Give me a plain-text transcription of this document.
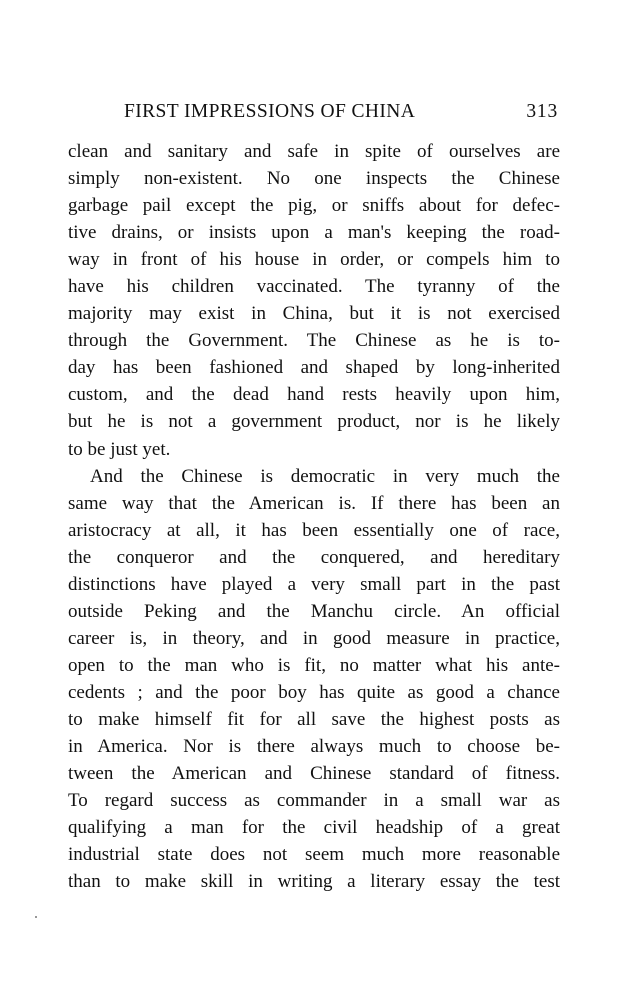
FIRST IMPRESSIONS OF CHINA	313
clean and sanitary and safe in spite of ourselves are
simply non-existent. No one inspects the Chinese
garbage pail except the pig, or sniffs about for defec-
tive drains, or insists upon a man's keeping the road-
way in front of his house in order, or compels him to
have his children vaccinated. The tyranny of the
majority may exist in China, but it is not exercised
through the Government. The Chinese as he is to-
day has been fashioned and shaped by long-inherited
custom, and the dead hand rests heavily upon him,
but he is not a government product, nor is he likely
to be just yet.
And the Chinese is democratic in very much the
same way that the American is. If there has been an
aristocracy at all, it has been essentially one of race,
the conqueror and the conquered, and hereditary
distinctions have played a very small part in the past
outside Peking and the Manchu circle. An official
career is, in theory, and in good measure in practice,
open to the man who is fit, no matter what his ante-
cedents ; and the poor boy has quite as good a chance
to make himself fit for all save the highest posts as
in America. Nor is there always much to choose be-
tween the American and Chinese standard of fitness.
To regard success as commander in a small war as
qualifying a man for the civil headship of a great
industrial state does not seem much more reasonable
than to make skill in writing a literary essay the test
